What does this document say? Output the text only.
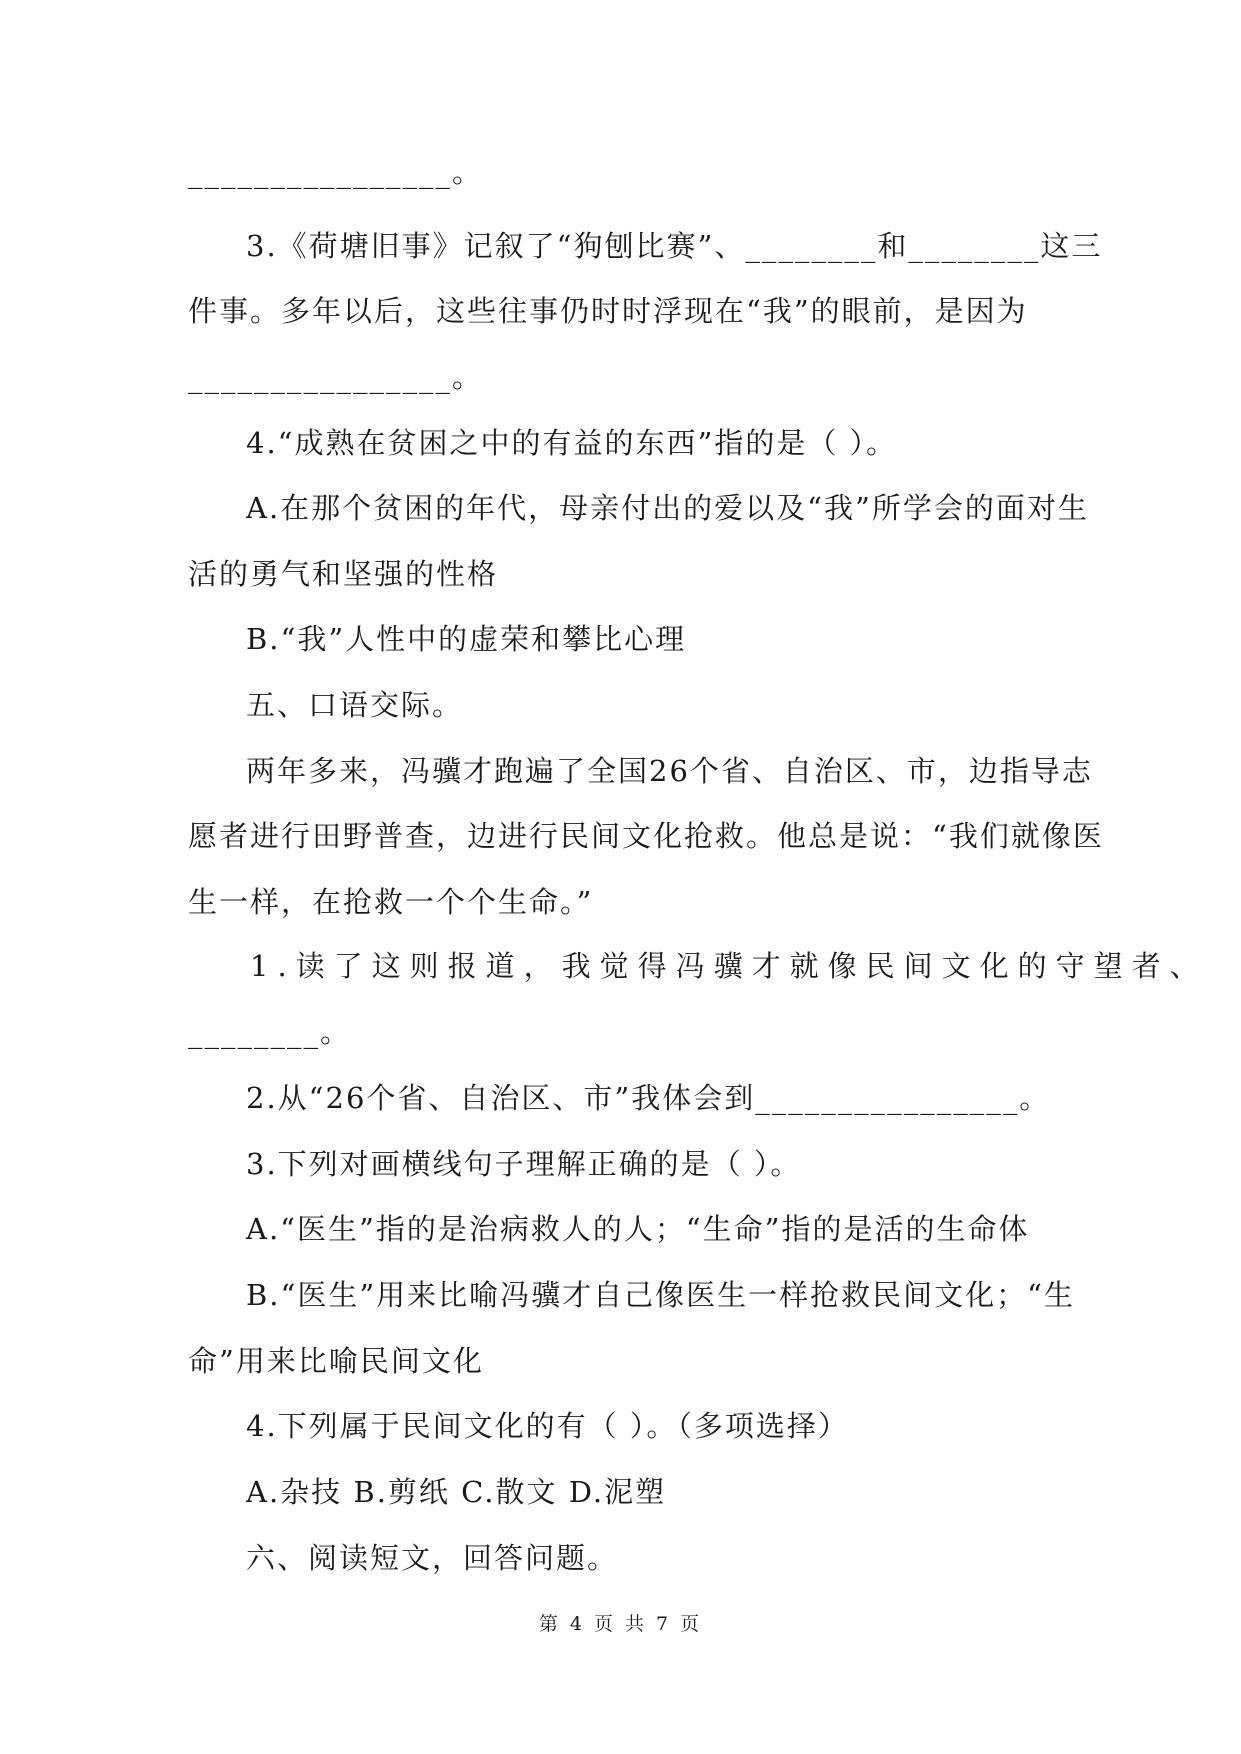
________________。
3.《荷塘旧事》记叙了“狗刨比赛”、________和________这三
件事。多年以后，这些往事仍时时浮现在“我”的眼前，是因为
________________。
4.“成熟在贫困之中的有益的东西”指的是（ ）。
A.在那个贫困的年代，母亲付出的爱以及“我”所学会的面对生
活的勇气和坚强的性格
B.“我”人性中的虚荣和攀比心理
五、口语交际。
两年多来，冯骥才跑遍了全国26个省、自治区、市，边指导志
愿者进行田野普查，边进行民间文化抢救。他总是说：“我们就像医
生一样，在抢救一个个生命。”
1.读了这则报道，我觉得冯骥才就像民间文化的守望者、
________。
2.从“26个省、自治区、市”我体会到________________。
3.下列对画横线句子理解正确的是（ ）。
A.“医生”指的是治病救人的人；“生命”指的是活的生命体
B.“医生”用来比喻冯骥才自己像医生一样抢救民间文化；“生
命”用来比喻民间文化
4.下列属于民间文化的有（ ）。（多项选择）
A.杂技 B.剪纸 C.散文 D.泥塑
六、阅读短文，回答问题。
第 4 页 共 7 页
